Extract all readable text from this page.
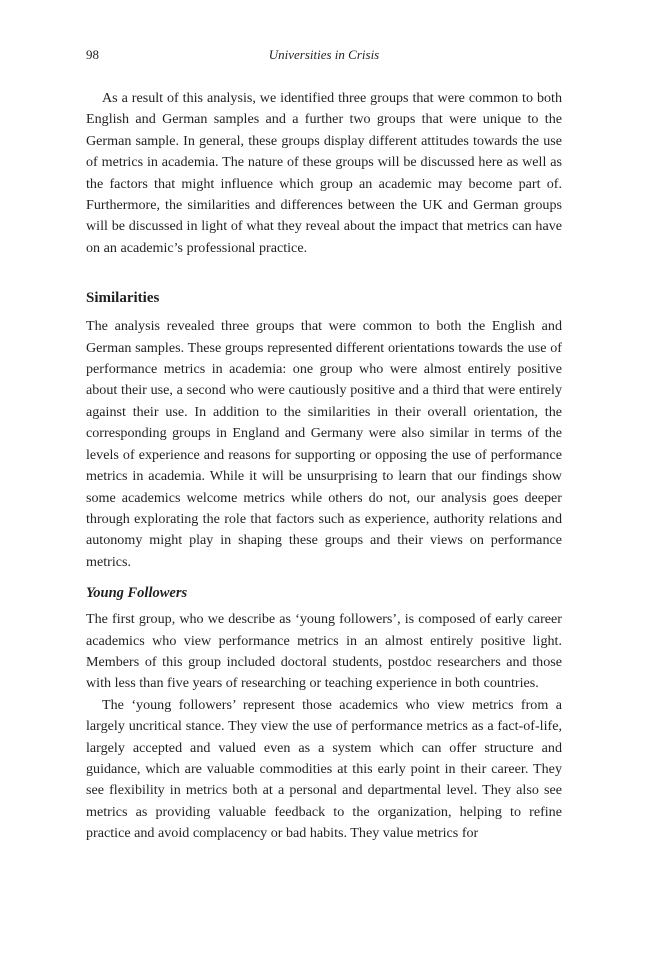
98	Universities in Crisis

As a result of this analysis, we identified three groups that were common to both English and German samples and a further two groups that were unique to the German sample. In general, these groups display different attitudes towards the use of metrics in academia. The nature of these groups will be discussed here as well as the factors that might influence which group an academic may become part of. Furthermore, the similarities and differences between the UK and German groups will be discussed in light of what they reveal about the impact that metrics can have on an academic’s professional practice.

Similarities

The analysis revealed three groups that were common to both the English and German samples. These groups represented different orientations towards the use of performance metrics in academia: one group who were almost entirely positive about their use, a second who were cautiously positive and a third that were entirely against their use. In addition to the similarities in their overall orientation, the corresponding groups in England and Germany were also similar in terms of the levels of experience and reasons for supporting or opposing the use of performance metrics in academia. While it will be unsurprising to learn that our findings show some academics welcome metrics while others do not, our analysis goes deeper through explorating the role that factors such as experience, authority relations and autonomy might play in shaping these groups and their views on performance metrics.

Young Followers

The first group, who we describe as ‘young followers’, is composed of early career academics who view performance metrics in an almost entirely positive light. Members of this group included doctoral students, postdoc researchers and those with less than five years of researching or teaching experience in both countries.

The ‘young followers’ represent those academics who view metrics from a largely uncritical stance. They view the use of performance metrics as a fact-of-life, largely accepted and valued even as a system which can offer structure and guidance, which are valuable commodities at this early point in their career. They see flexibility in metrics both at a personal and departmental level. They also see metrics as providing valuable feedback to the organization, helping to refine practice and avoid complacency or bad habits. They value metrics for
